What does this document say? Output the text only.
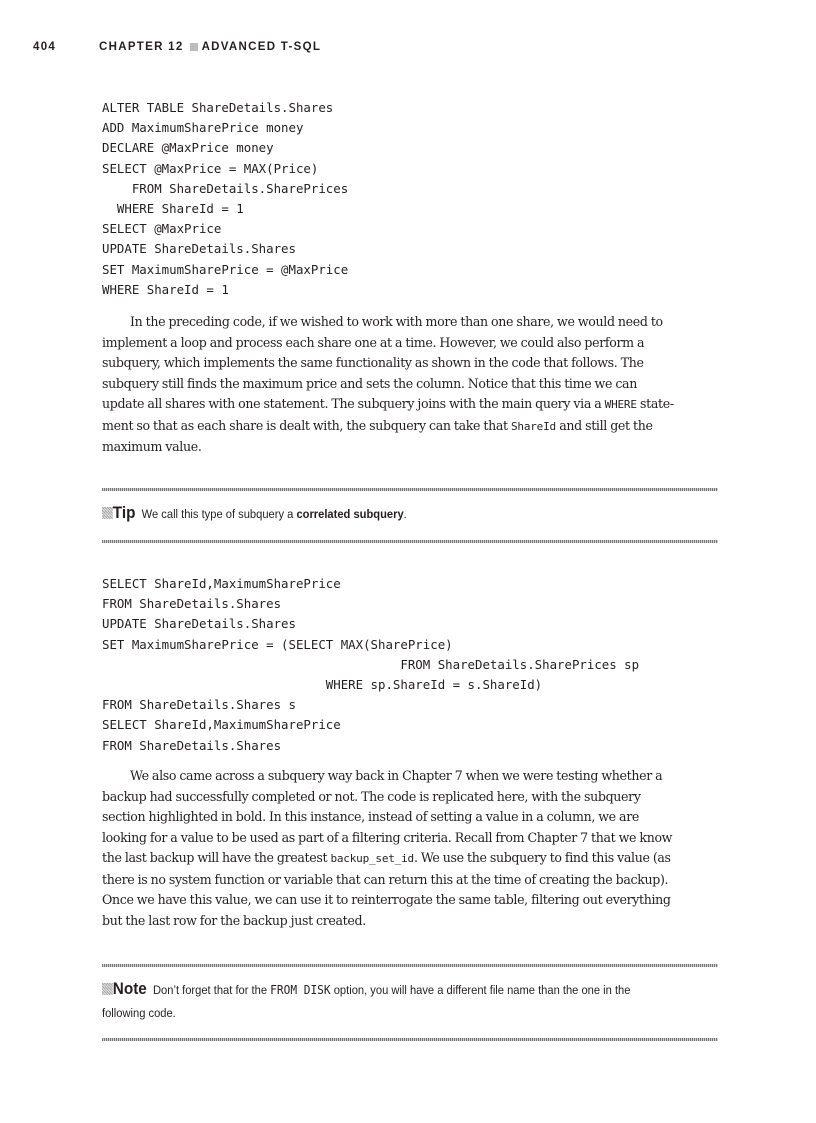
404	CHAPTER 12 ADVANCED T-SQL
ALTER TABLE ShareDetails.Shares
ADD MaximumSharePrice money
DECLARE @MaxPrice money
SELECT @MaxPrice = MAX(Price)
FROM ShareDetails.SharePrices
WHERE ShareId = 1
SELECT @MaxPrice
UPDATE ShareDetails.Shares
SET MaximumSharePrice = @MaxPrice
WHERE ShareId = 1
In the preceding code, if we wished to work with more than one share, we would need to
implement a loop and process each share one at a time. However, we could also perform a
subquery, which implements the same functionality as shown in the code that follows. The
subquery still finds the maximum price and sets the column. Notice that this time we can
update all shares with one statement. The subquery joins with the main query via a WHERE state-
ment so that as each share is dealt with, the subquery can take that ShareId and still get the
maximum value.
Tip We call this type of subquery a correlated subquery.
SELECT ShareId,MaximumSharePrice
FROM ShareDetails.Shares
UPDATE ShareDetails.Shares
SET MaximumSharePrice = (SELECT MAX(SharePrice)
FROM ShareDetails.SharePrices sp
WHERE sp.ShareId = s.ShareId)
FROM ShareDetails.Shares s
SELECT ShareId,MaximumSharePrice
FROM ShareDetails.Shares
We also came across a subquery way back in Chapter 7 when we were testing whether a
backup had successfully completed or not. The code is replicated here, with the subquery
section highlighted in bold. In this instance, instead of setting a value in a column, we are
looking for a value to be used as part of a filtering criteria. Recall from Chapter 7 that we know
the last backup will have the greatest backup_set_id. We use the subquery to find this value (as
there is no system function or variable that can return this at the time of creating the backup).
Once we have this value, we can use it to reinterrogate the same table, filtering out everything
but the last row for the backup just created.
Note Don’t forget that for the FROM DISK option, you will have a different file name than the one in the
following code.
